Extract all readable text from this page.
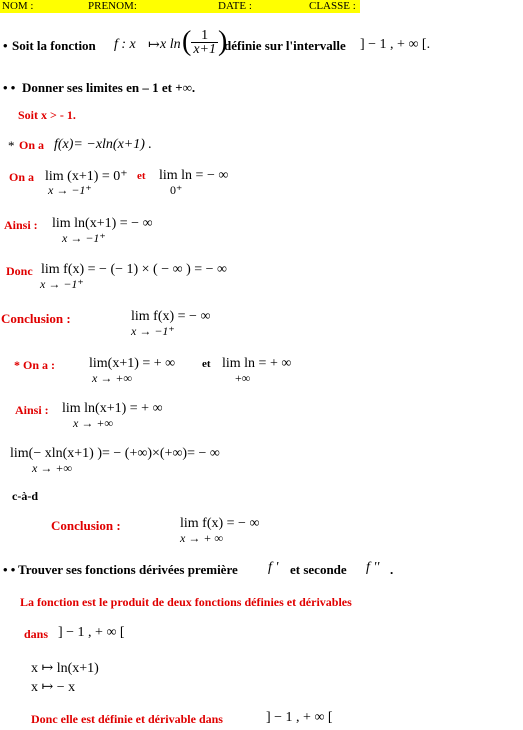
NOM :	PRENOM:	DATE :	CLASSE :
• Soit la fonction f : x ↦ x ln ( $\frac{1}{x+1}$ )
définie sur l'intervalle ] − 1 , + ∞ [.
• • Donner ses limites en – 1 et +∞.
Soit x > - 1.
* On a f(x)= −xln(x+1) .
On a lim (x+1) = 0⁺
x → −1⁺
et lim ln = − ∞
0⁺
Ainsi : lim ln(x+1) = − ∞
x → −1⁺
Donc lim f(x) = − (− 1) × ( − ∞ ) = − ∞
x → −1⁺
Conclusion :	lim f(x) = − ∞
x → −1⁺
* On a : lim(x+1) = + ∞
x → +∞
et lim ln = + ∞
+∞
Ainsi : lim ln(x+1) = + ∞
x → +∞
lim(− xln(x+1) )= − (+∞)×(+∞)= − ∞
x → +∞
c-à-d
Conclusion :	lim f(x) = − ∞
x → + ∞
• • Trouver ses fonctions dérivées première f ' et seconde f '' .
La fonction est le produit de deux fonctions définies et dérivables
dans ] − 1 , + ∞ [
x ↦ ln(x+1)
x ↦ − x
Donc elle est définie et dérivable dans	] − 1 , + ∞ [
